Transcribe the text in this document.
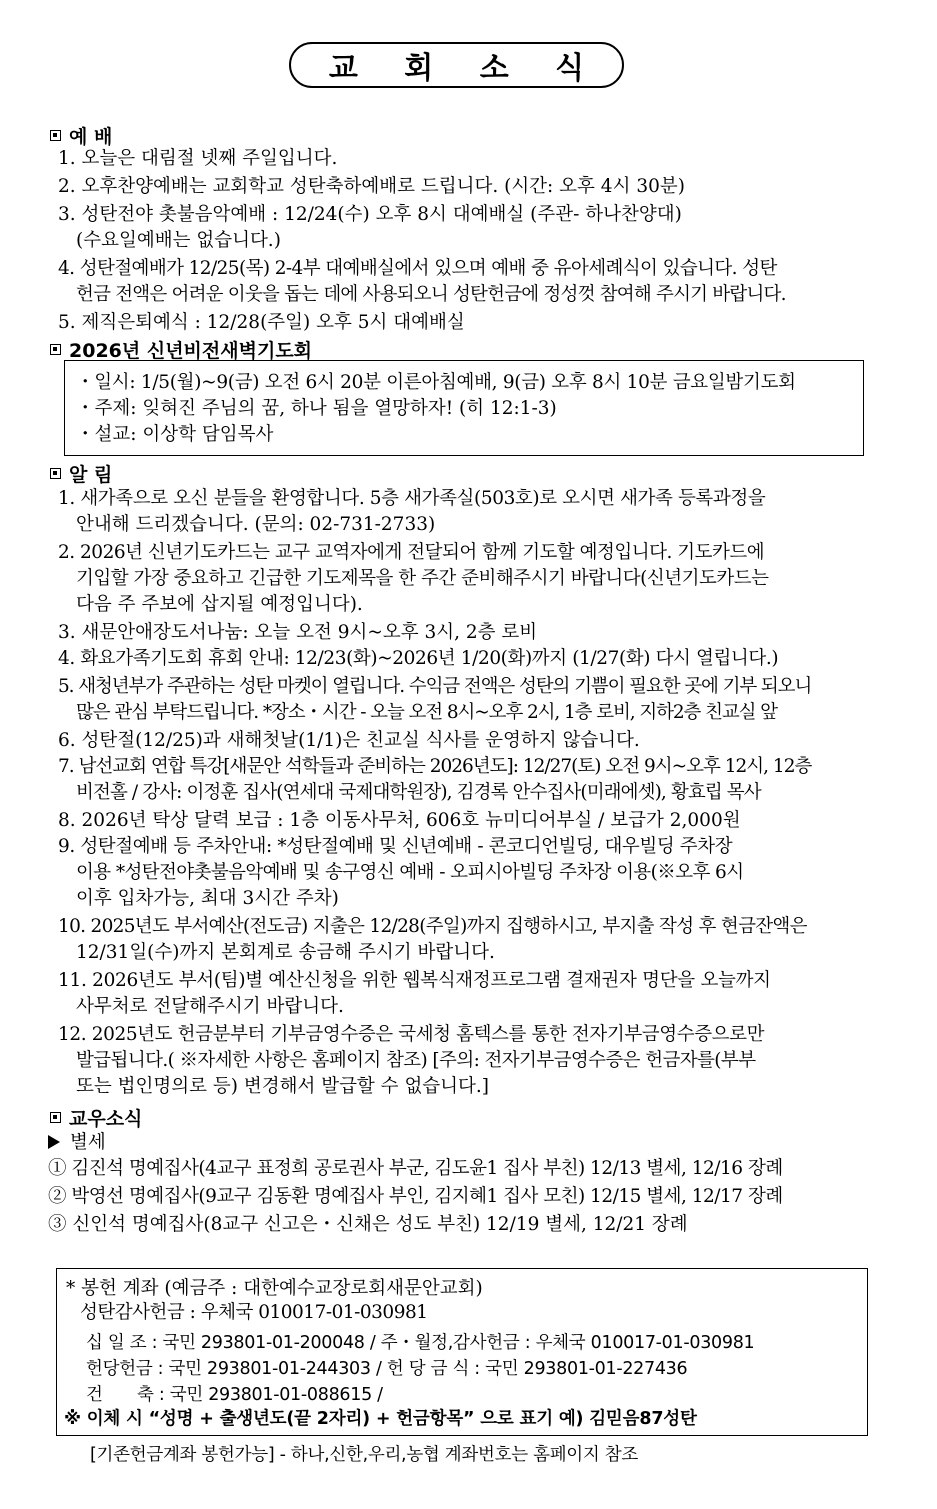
교 회 소 식
예 배
1. 오늘은 대림절 넷째 주일입니다.
2. 오후찬양예배는 교회학교 성탄축하예배로 드립니다. (시간: 오후 4시 30분)
3. 성탄전야 촛불음악예배 : 12/24(수) 오후 8시 대예배실 (주관- 하나찬양대)
(수요일예배는 없습니다.)
4. 성탄절예배가 12/25(목) 2-4부 대예배실에서 있으며 예배 중 유아세례식이 있습니다. 성탄
헌금 전액은 어려운 이웃을 돕는 데에 사용되오니 성탄헌금에 정성껏 참여해 주시기 바랍니다.
5. 제직은퇴예식 : 12/28(주일) 오후 5시 대예배실
2026년 신년비전새벽기도회
・일시: 1/5(월)~9(금) 오전 6시 20분 이른아침예배, 9(금) 오후 8시 10분 금요일밤기도회
・주제: 잊혀진 주님의 꿈, 하나 됨을 열망하자! (히 12:1-3)
・설교: 이상학 담임목사
알 림
1. 새가족으로 오신 분들을 환영합니다. 5층 새가족실(503호)로 오시면 새가족 등록과정을
안내해 드리겠습니다. (문의: 02-731-2733)
2. 2026년 신년기도카드는 교구 교역자에게 전달되어 함께 기도할 예정입니다. 기도카드에
기입할 가장 중요하고 긴급한 기도제목을 한 주간 준비해주시기 바랍니다(신년기도카드는
다음 주 주보에 삽지될 예정입니다).
3. 새문안애장도서나눔: 오늘 오전 9시~오후 3시, 2층 로비
4. 화요가족기도회 휴회 안내: 12/23(화)~2026년 1/20(화)까지 (1/27(화) 다시 열립니다.)
5. 새청년부가 주관하는 성탄 마켓이 열립니다. 수익금 전액은 성탄의 기쁨이 필요한 곳에 기부 되오니
많은 관심 부탁드립니다. *장소・시간 - 오늘 오전 8시~오후 2시, 1층 로비, 지하2층 친교실 앞
6. 성탄절(12/25)과 새해첫날(1/1)은 친교실 식사를 운영하지 않습니다.
7. 남선교회 연합 특강[새문안 석학들과 준비하는 2026년도]: 12/27(토) 오전 9시~오후 12시, 12층
비전홀 / 강사: 이정훈 집사(연세대 국제대학원장), 김경록 안수집사(미래에셋), 황효립 목사
8. 2026년 탁상 달력 보급 : 1층 이동사무처, 606호 뉴미디어부실 / 보급가 2,000원
9. 성탄절예배 등 주차안내: *성탄절예배 및 신년예배 - 콘코디언빌딩, 대우빌딩 주차장
이용 *성탄전야촛불음악예배 및 송구영신 예배 - 오피시아빌딩 주차장 이용(※오후 6시
이후 입차가능, 최대 3시간 주차)
10. 2025년도 부서예산(전도금) 지출은 12/28(주일)까지 집행하시고, 부지출 작성 후 현금잔액은
12/31일(수)까지 본회계로 송금해 주시기 바랍니다.
11. 2026년도 부서(팀)별 예산신청을 위한 웹복식재정프로그램 결재권자 명단을 오늘까지
사무처로 전달해주시기 바랍니다.
12. 2025년도 헌금분부터 기부금영수증은 국세청 홈텍스를 통한 전자기부금영수증으로만
발급됩니다.( ※자세한 사항은 홈페이지 참조) [주의: 전자기부금영수증은 헌금자를(부부
또는 법인명의로 등) 변경해서 발급할 수 없습니다.]
교우소식
별세
① 김진석 명예집사(4교구 표정희 공로권사 부군, 김도윤1 집사 부친) 12/13 별세, 12/16 장례
② 박영선 명예집사(9교구 김동환 명예집사 부인, 김지혜1 집사 모친) 12/15 별세, 12/17 장례
③ 신인석 명예집사(8교구 신고은・신채은 성도 부친) 12/19 별세, 12/21 장례
* 봉헌 계좌 (예금주 : 대한예수교장로회새문안교회)
성탄감사헌금 : 우체국 010017-01-030981
십 일 조 : 국민 293801-01-200048 / 주・월정,감사헌금 : 우체국 010017-01-030981
헌당헌금 : 국민 293801-01-244303 / 헌 당 금 식 : 국민 293801-01-227436
건　　축 : 국민 293801-01-088615 /
※ 이체 시 “성명 + 출생년도(끝 2자리) + 헌금항목” 으로 표기 예) 김믿음87성탄
[기존헌금계좌 봉헌가능] - 하나,신한,우리,농협 계좌번호는 홈페이지 참조
